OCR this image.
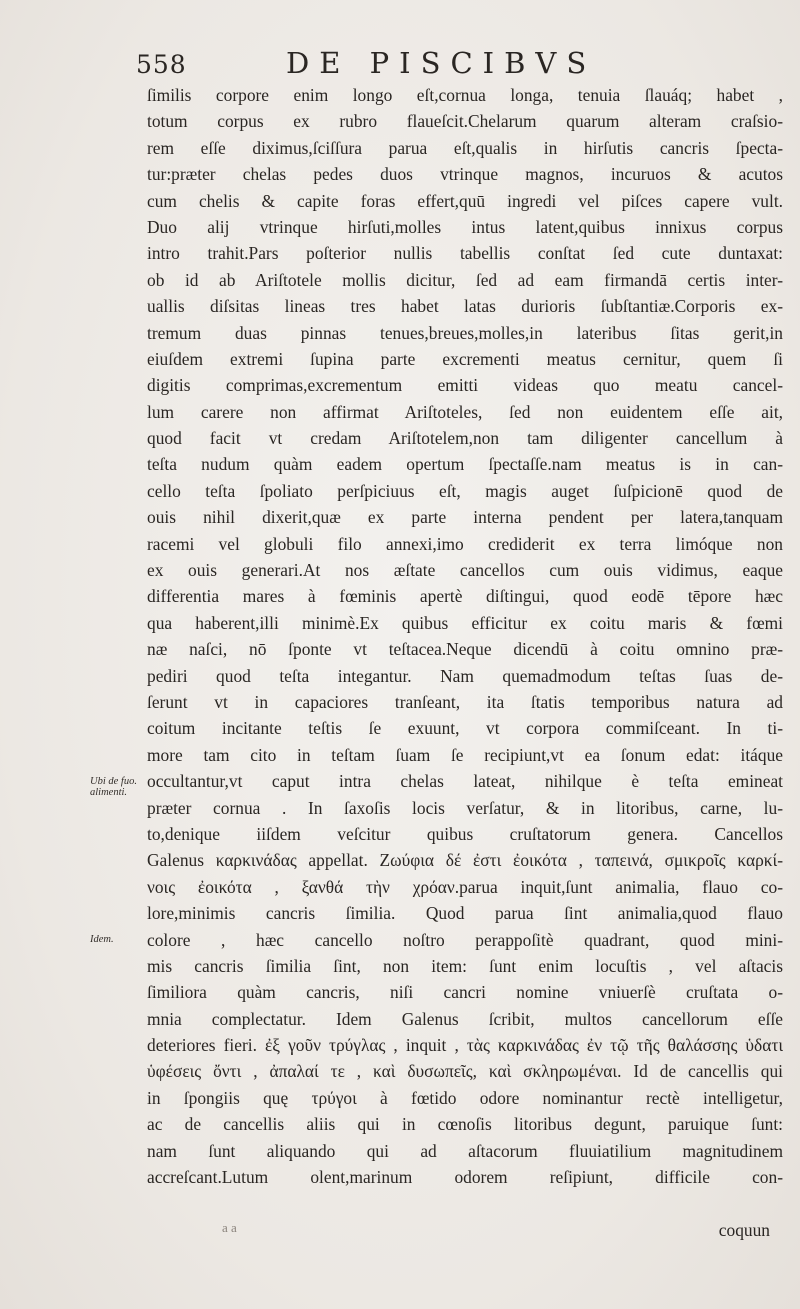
558	DE PISCIBVS
Ubi de fuo. alimenti.
Idem.
ſimilis corpore enim longo eſt,cornua longa, tenuia ſlauáq; habet ,
totum corpus ex rubro flaueſcit.Chelarum quarum alteram craſsio-
rem eſſe diximus,ſciſſura parua eſt,qualis in hirſutis cancris ſpecta-
tur:præter chelas pedes duos vtrinque magnos, incuruos & acutos
cum chelis & capite foras effert,quū ingredi vel piſces capere vult.
Duo alij vtrinque hirſuti,molles intus latent,quibus innixus corpus
intro trahit.Pars poſterior nullis tabellis conſtat ſed cute duntaxat:
ob id ab Ariſtotele mollis dicitur, ſed ad eam firmandā certis inter-
uallis diſsitas lineas tres habet latas durioris ſubſtantiæ.Corporis ex-
tremum duas pinnas tenues,breues,molles,in lateribus ſitas gerit,in
eiuſdem extremi ſupina parte excrementi meatus cernitur, quem ſi
digitis comprimas,excrementum emitti videas quo meatu cancel-
lum carere non affirmat Ariſtoteles, ſed non euidentem eſſe ait,
quod facit vt credam Ariſtotelem,non tam diligenter cancellum à
teſta nudum quàm eadem opertum ſpectaſſe.nam meatus is in can-
cello teſta ſpoliato perſpiciuus eſt, magis auget ſuſpicionē quod de
ouis nihil dixerit,quæ ex parte interna pendent per latera,tanquam
racemi vel globuli filo annexi,imo crediderit ex terra limóque non
ex ouis generari.At nos æſtate cancellos cum ouis vidimus, eaque
differentia mares à fœminis apertè diſtingui, quod eodē tēpore hæc
qua haberent,illi minimè.Ex quibus efficitur ex coitu maris & fœmi
næ naſci, nō ſponte vt teſtacea.Neque dicendū à coitu omnino præ-
pediri quod teſta integantur. Nam quemadmodum teſtas ſuas de-
ſerunt vt in capaciores tranſeant, ita ſtatis temporibus natura ad
coitum incitante teſtis ſe exuunt, vt corpora commiſceant. In ti-
more tam cito in teſtam ſuam ſe recipiunt,vt ea ſonum edat: itáque
occultantur,vt caput intra chelas lateat, nihilque è teſta emineat
præter cornua . In ſaxoſis locis verſatur, & in litoribus, carne, lu-
to,denique iiſdem veſcitur quibus cruſtatorum genera. Cancellos
Galenus καρκινάδας appellat. Ζωύφια δέ ἐστι ἐοικότα , ταπεινά, σμικροῖς καρκί-
νοις ἐοικότα , ξανθά τὴν χρόαν.parua inquit,ſunt animalia, flauo co-
lore,minimis cancris ſimilia. Quod parua ſint animalia,quod flauo
colore , hæc cancello noſtro perappoſitè quadrant, quod mini-
mis cancris ſimilia ſint, non item: ſunt enim locuſtis , vel aſtacis
ſimiliora quàm cancris, niſi cancri nomine vniuerſè cruſtata o-
mnia complectatur. Idem Galenus ſcribit, multos cancellorum eſſe
deteriores fieri. ἐξ γοῦν τρύγλας , inquit , τὰς καρκινάδας ἐν τῷ τῆς θαλάσσης ὑδατι
ὑφέσεις ὄντι , ἀπαλαί τε , καὶ δυσωπεῖς, καὶ σκληρωμέναι. Id de cancellis qui
in ſpongiis quę τρύγοι à fœtido odore nominantur rectè intelligetur,
ac de cancellis aliis qui in cœnoſis litoribus degunt, paruique ſunt:
nam ſunt aliquando qui ad aſtacorum fluuiatilium magnitudinem
accreſcant.Lutum olent,marinum odorem reſipiunt, difficile con-
a a	coquun
